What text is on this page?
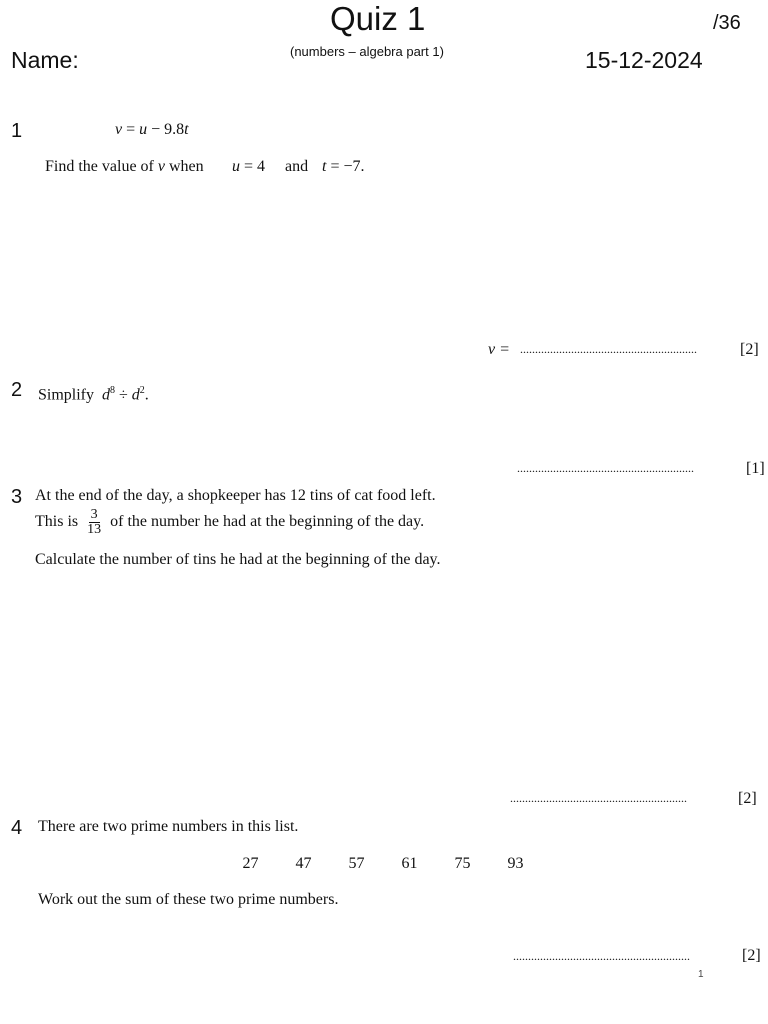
Quiz 1
(numbers – algebra part 1)
/36
Name:	15-12-2024
1	v = u − 9.8t
Find the value of v when u = 4 and t = −7.
v = ...........................................................	[2]
2 Simplify $d^8 \div d^2$.
...........................................................	[1]
3 At the end of the day, a shopkeeper has 12 tins of cat food left.
This is $\frac{3}{13}$ of the number he had at the beginning of the day.
Calculate the number of tins he had at the beginning of the day.
...........................................................	[2]
4 There are two prime numbers in this list.
27	47	57	61	75	93
Work out the sum of these two prime numbers.
...........................................................	[2]
1
